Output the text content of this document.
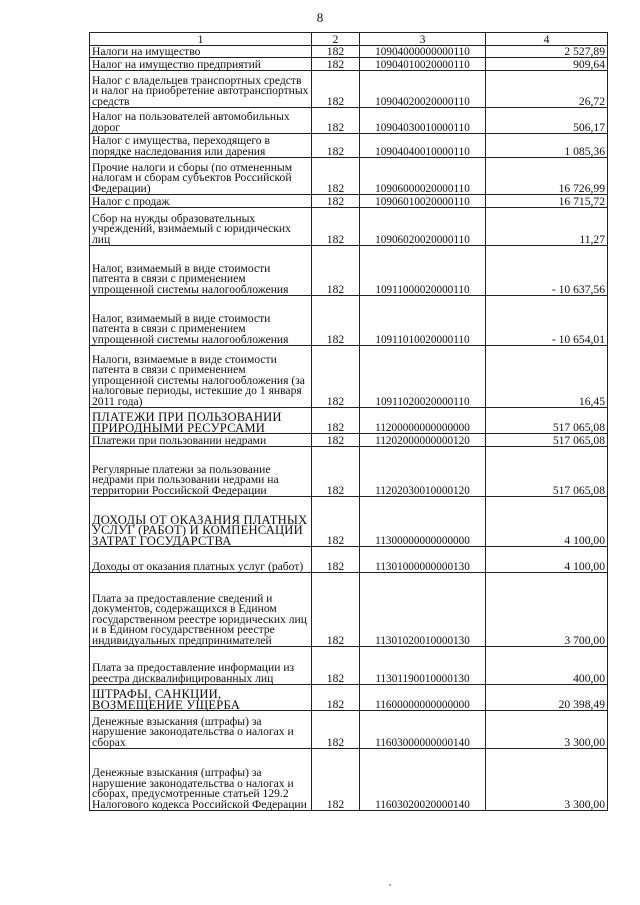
8
1	2	3	4
Налоги на имущество	182	10904000000000110	2 527,89
Налог на имущество предприятий	182	10904010020000110	909,64
Налог с владельцев транспортных средств и налог на приобретение автотранспортных средств	182	10904020020000110	26,72
Налог на пользователей автомобильных дорог	182	10904030010000110	506,17
Налог с имущества, переходящего в порядке наследования или дарения	182	10904040010000110	1 085,36
Прочие налоги и сборы (по отмененным налогам и сборам субъектов Российской Федерации)	182	10906000020000110	16 726,99
Налог с продаж	182	10906010020000110	16 715,72
Сбор на нужды образовательных учреждений, взимаемый с юридических лиц	182	10906020020000110	11,27
Налог, взимаемый в виде стоимости патента в связи с применением упрощенной системы налогообложения	182	10911000020000110	- 10 637,56
Налог, взимаемый в виде стоимости патента в связи с применением упрощенной системы налогообложения	182	10911010020000110	- 10 654,01
Налоги, взимаемые в виде стоимости патента в связи с применением упрощенной системы налогообложения (за налоговые периоды, истекшие до 1 января 2011 года)	182	10911020020000110	16,45
ПЛАТЕЖИ ПРИ ПОЛЬЗОВАНИИ ПРИРОДНЫМИ РЕСУРСАМИ	182	11200000000000000	517 065,08
Платежи при пользовании недрами	182	11202000000000120	517 065,08
Регулярные платежи за пользование недрами при пользовании недрами на территории Российской Федерации	182	11202030010000120	517 065,08
ДОХОДЫ ОТ ОКАЗАНИЯ ПЛАТНЫХ УСЛУГ (РАБОТ) И КОМПЕНСАЦИИ ЗАТРАТ ГОСУДАРСТВА	182	11300000000000000	4 100,00
Доходы от оказания платных услуг (работ)	182	11301000000000130	4 100,00
Плата за предоставление сведений и документов, содержащихся в Едином государственном реестре юридических лиц и в Едином государственном реестре индивидуальных предпринимателей	182	11301020010000130	3 700,00
Плата за предоставление информации из реестра дисквалифицированных лиц	182	11301190010000130	400,00
ШТРАФЫ, САНКЦИИ, ВОЗМЕЩЕНИЕ УЩЕРБА	182	11600000000000000	20 398,49
Денежные взыскания (штрафы) за нарушение законодательства о налогах и сборах	182	11603000000000140	3 300,00
Денежные взыскания (штрафы) за нарушение законодательства о налогах и сборах, предусмотренные статьей 129.2 Налогового кодекса Российской Федерации	182	11603020020000140	3 300,00
